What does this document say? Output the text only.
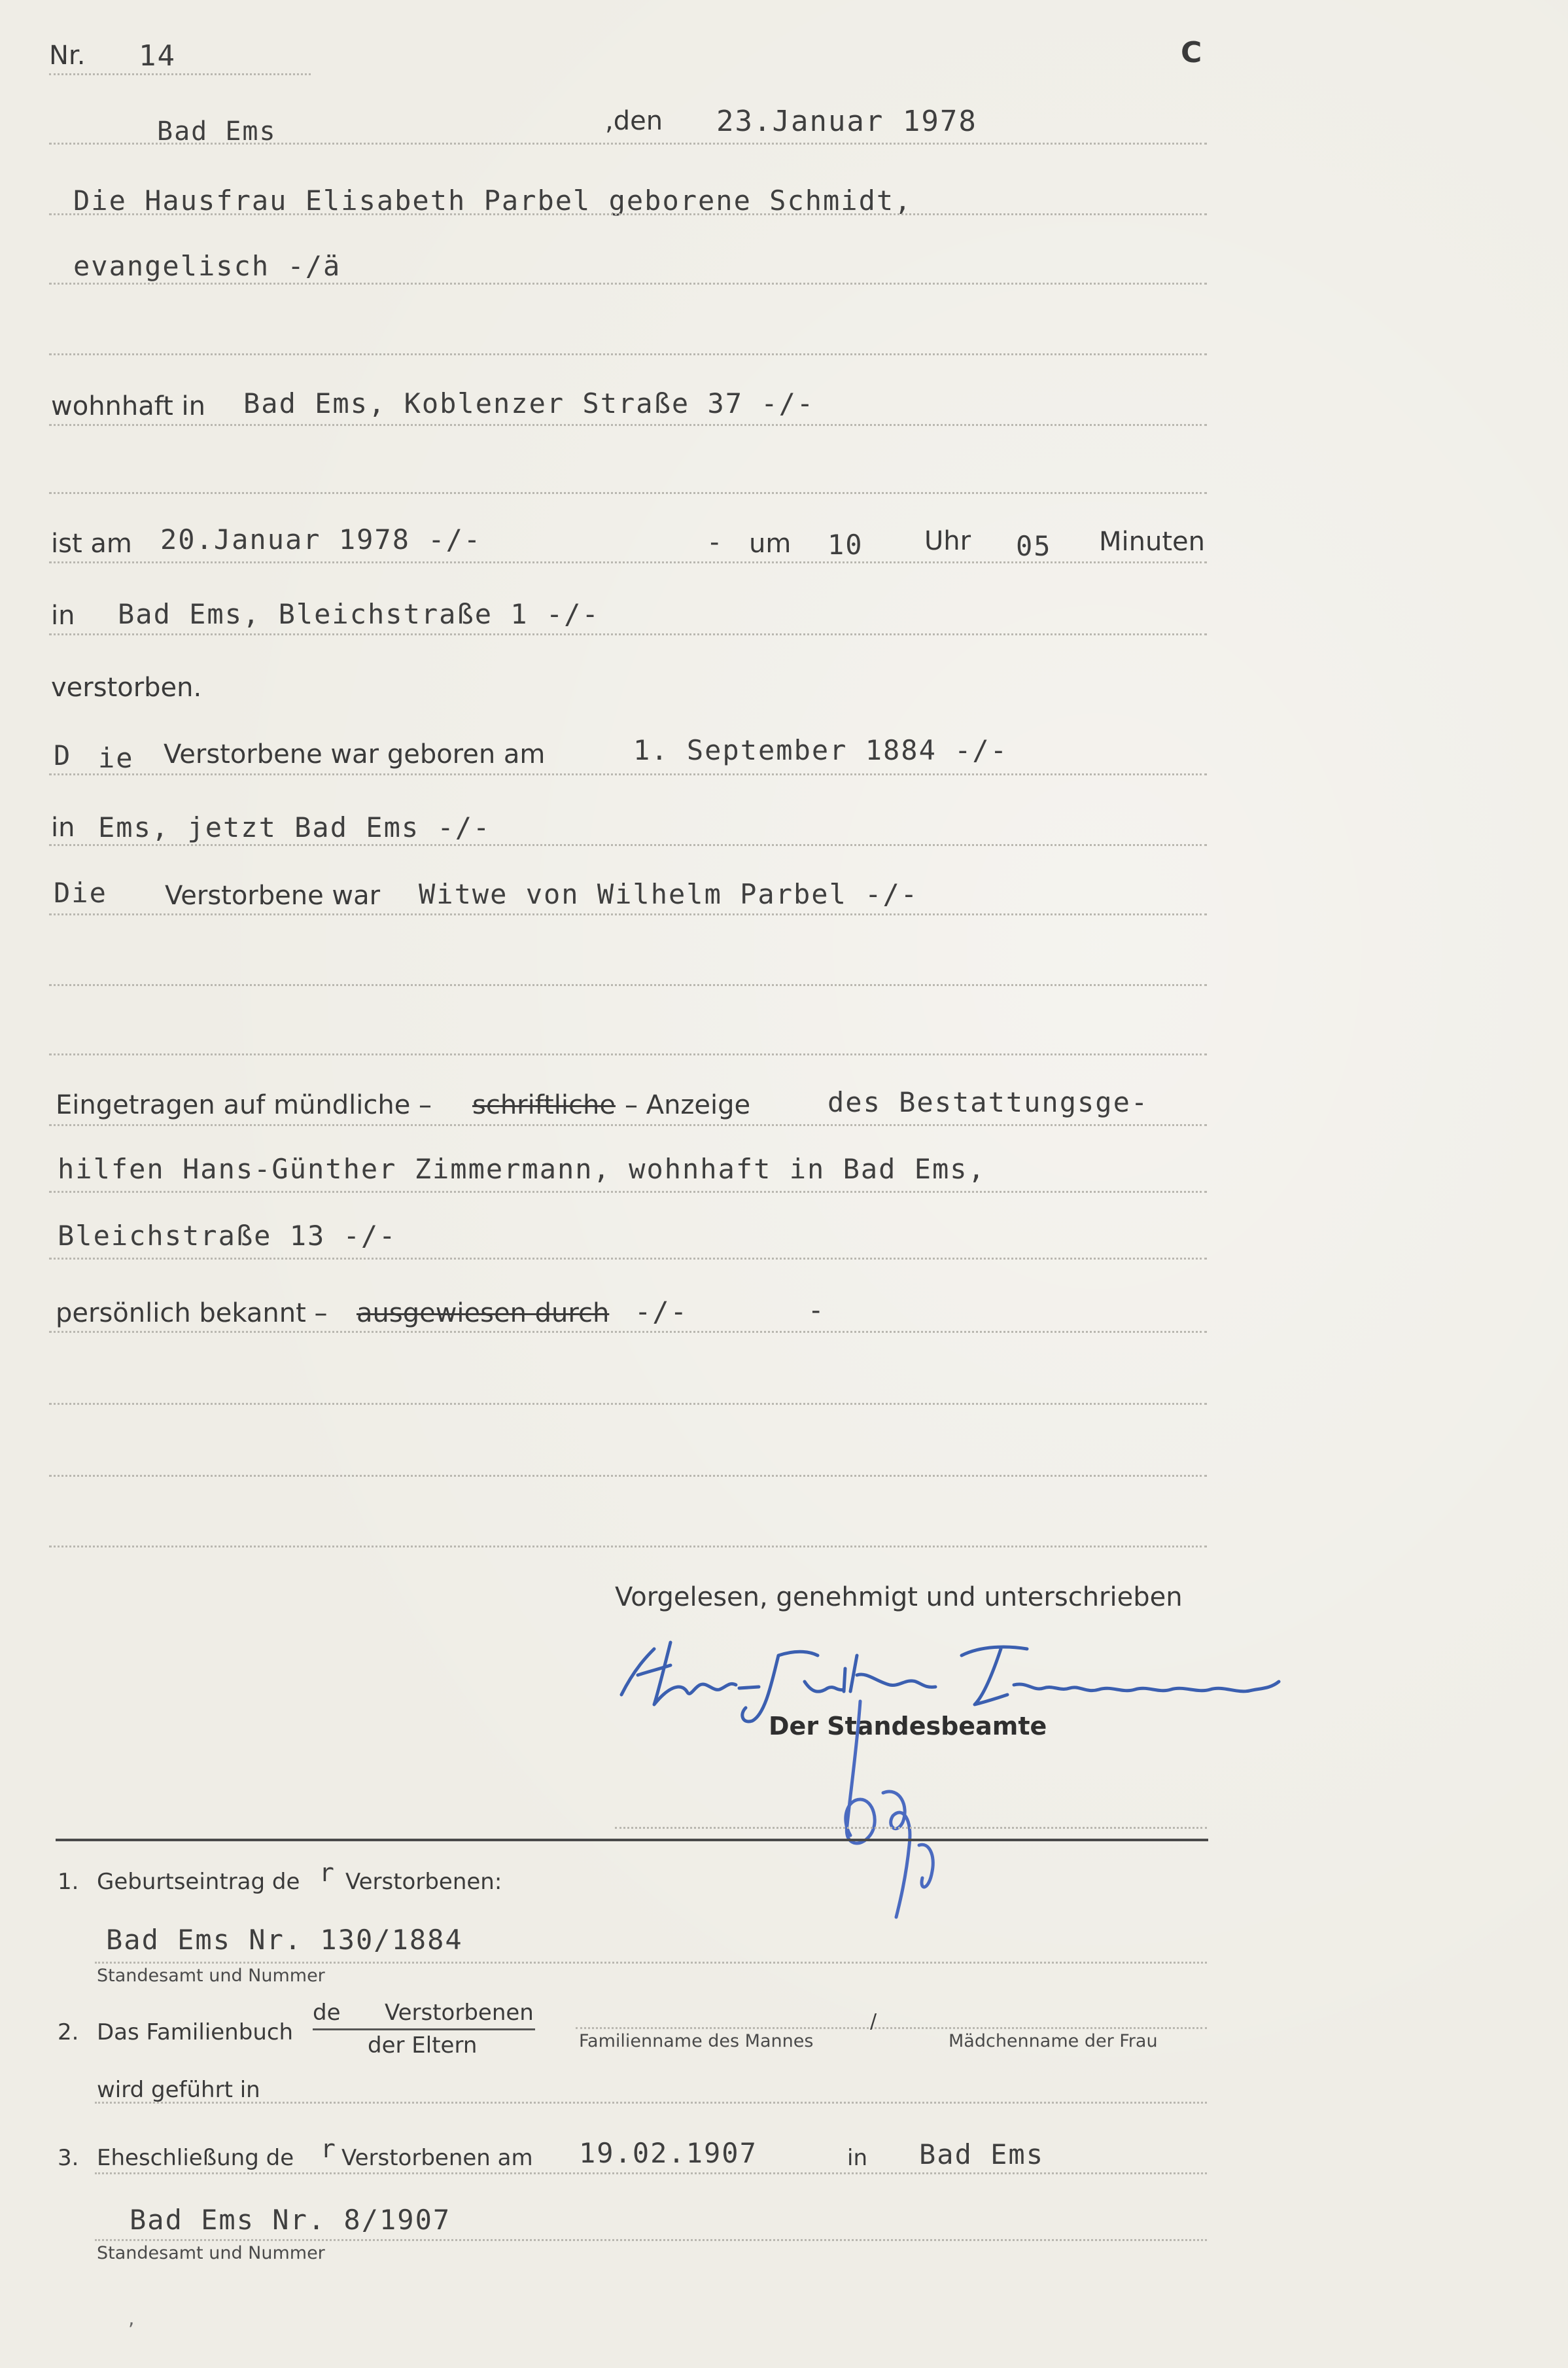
Nr. 14	C
Bad Ems	,den 23.Januar 1978
Die Hausfrau Elisabeth Parbel geborene Schmidt,
evangelisch -/ä
wohnhaft in Bad Ems, Koblenzer Straße 37 -/-
ist am 20.Januar 1978 -/-	- um 10 Uhr 05 Minuten
in Bad Ems, Bleichstraße 1 -/-
verstorben.
D ie Verstorbene war geboren am	1. September 1884 -/-
in Ems, jetzt Bad Ems -/-
Die Verstorbene war Witwe von Wilhelm Parbel -/-
Eingetragen auf mündliche – schriftliche – Anzeige	des Bestattungsge-
hilfen Hans-Günther Zimmermann, wohnhaft in Bad Ems,
Bleichstraße 13 -/-
persönlich bekannt – ausgewiesen durch -/-	-
Vorgelesen, genehmigt und unterschrieben
Der Standesbeamte
1. Geburtseintrag de r Verstorbenen:
Bad Ems Nr. 130/1884
Standesamt und Nummer
2. Das Familienbuch
de Verstorbenen
der Eltern	Familienname des Mannes
/
Mädchenname der Frau
wird geführt in
3. Eheschließung de r Verstorbenen am 19.02.1907	in Bad Ems
Bad Ems Nr. 8/1907
Standesamt und Nummer
,
